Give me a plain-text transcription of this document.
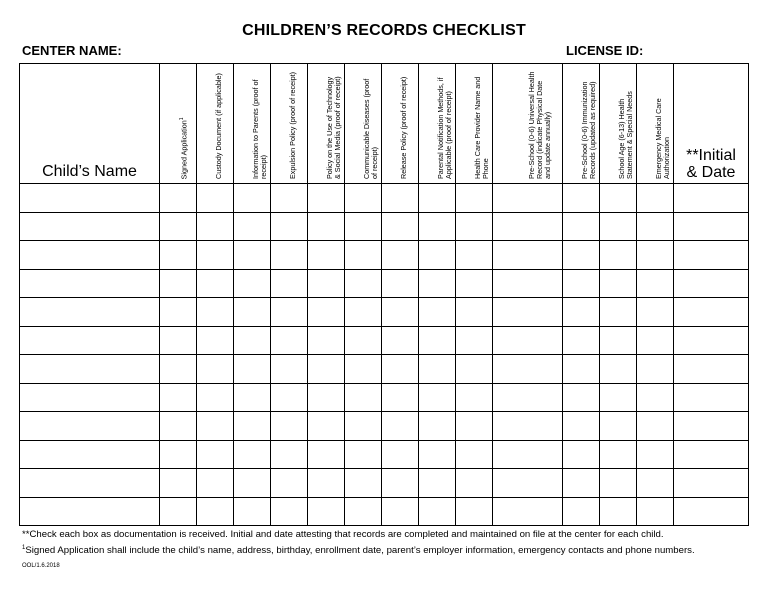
CHILDREN’S RECORDS CHECKLIST
CENTER NAME:	LICENSE ID:
Child’s Name	Signed Application$^1$	Custody Document (if applicable)	Information to Parents (proof of receipt)	Expulsion Policy (proof of receipt)	Policy on the Use of Technology & Social Media (proof of receipt)	Communicable Diseases (proof of receipt)	Release Policy (proof of receipt)	Parental Notification Methods, if Applicable (proof of receipt)	Health Care Provider Name and Phone	Pre-School (0-6) Universal Health Record (indicate Physical Date and update annually)	Pre-School (0-6) Immunization Records (updated as required)	School Age (6-13) Health Statement & Special Needs	Emergency Medical Care Authorization	**Initial
& Date

**Check each box as documentation is received. Initial and date attesting that records are completed and maintained on file at the center for each child.
$^1$Signed Application shall include the child’s name, address, birthday, enrollment date, parent’s employer information, emergency contacts and phone numbers.
OOL/1.6.2018
